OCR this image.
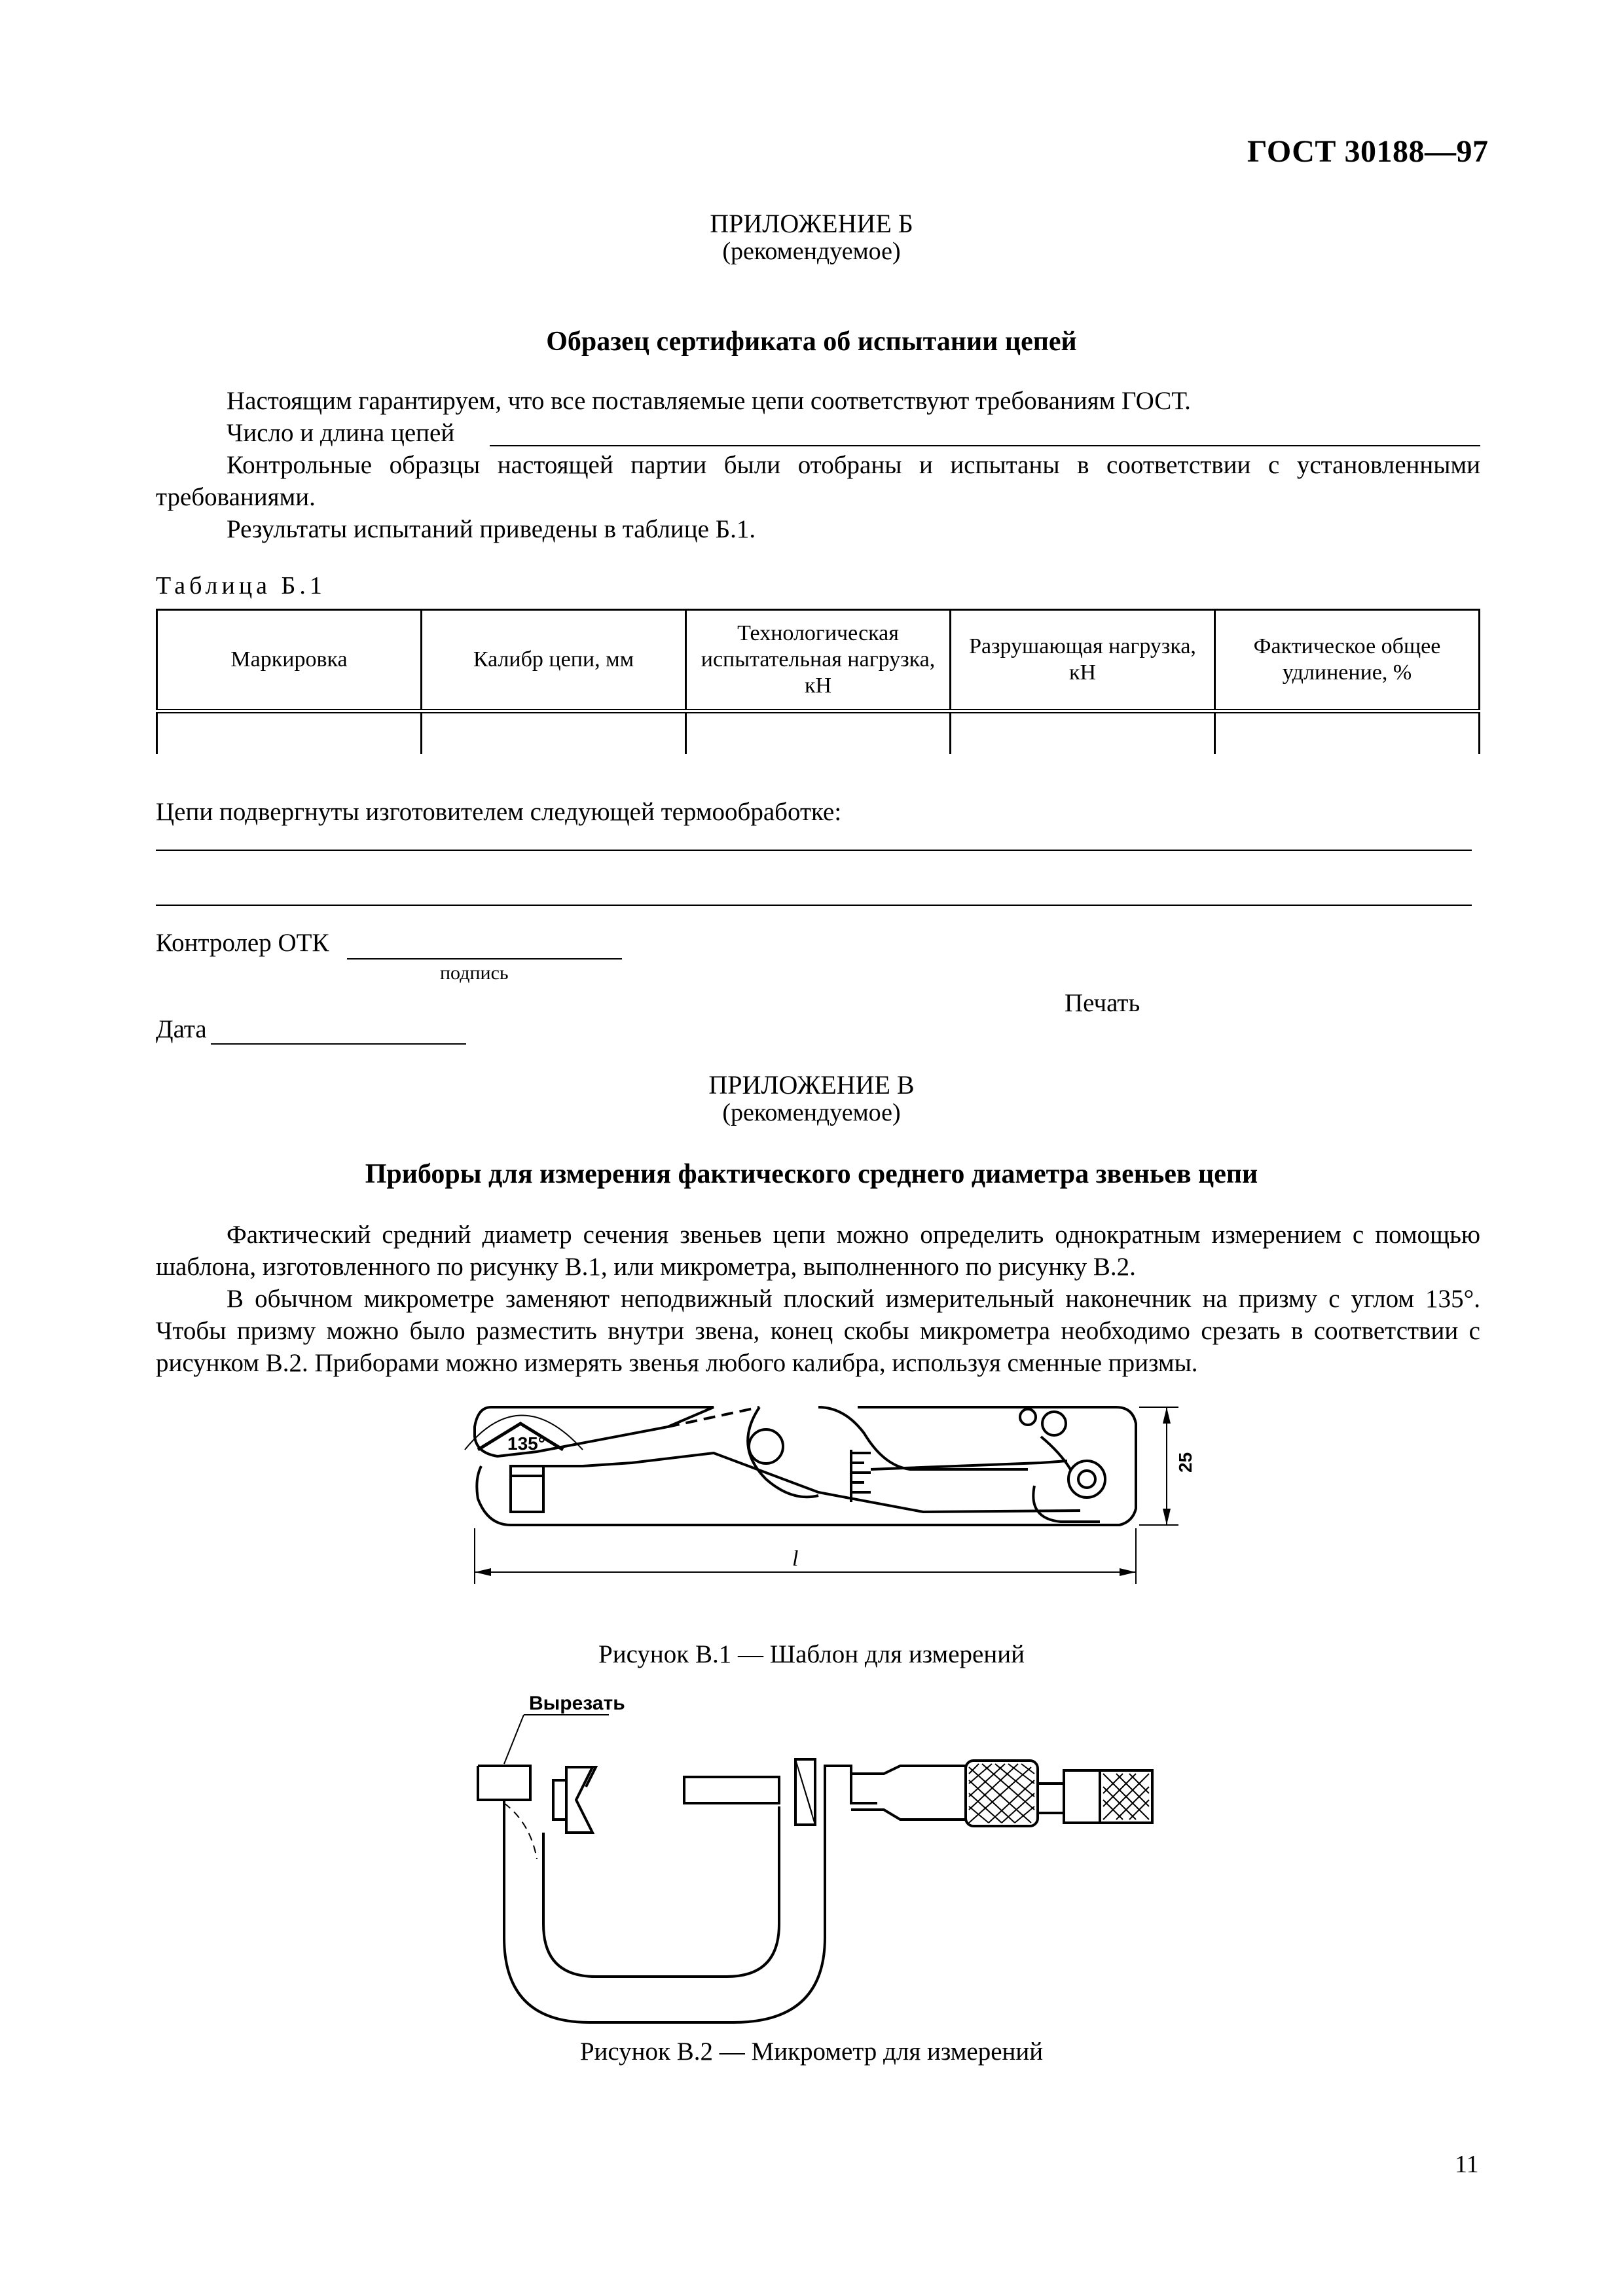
ГОСТ 30188—97
ПРИЛОЖЕНИЕ Б
(рекомендуемое)
Образец сертификата об испытании цепей
Настоящим гарантируем, что все поставляемые цепи соответствуют требованиям ГОСТ.
Число и длина цепей
Контрольные образцы настоящей партии были отобраны и испытаны в соответствии с установленными требованиями.
Результаты испытаний приведены в таблице Б.1.
Таблица Б.1
Маркировка	Калибр цепи, мм	Технологическая испытательная нагрузка, кН	Разрушающая нагрузка, кН	Фактическое общее удлинение, %

Цепи подвергнуты изготовителем следующей термообработке:
Контролер ОТК
подпись
Печать
Дата
ПРИЛОЖЕНИЕ В
(рекомендуемое)
Приборы для измерения фактического среднего диаметра звеньев цепи
Фактический средний диаметр сечения звеньев цепи можно определить однократным измерением с помощью шаблона, изготовленного по рисунку В.1, или микрометра, выполненного по рисунку В.2.
В обычном микрометре заменяют неподвижный плоский измерительный наконечник на призму с углом 135°. Чтобы призму можно было разместить внутри звена, конец скобы микрометра необходимо срезать в соответствии с рисунком В.2. Приборами можно измерять звенья любого калибра, используя сменные призмы.
135°
25
l
Рисунок В.1 — Шаблон для измерений
Вырезать
Рисунок В.2 — Микрометр для измерений
11
